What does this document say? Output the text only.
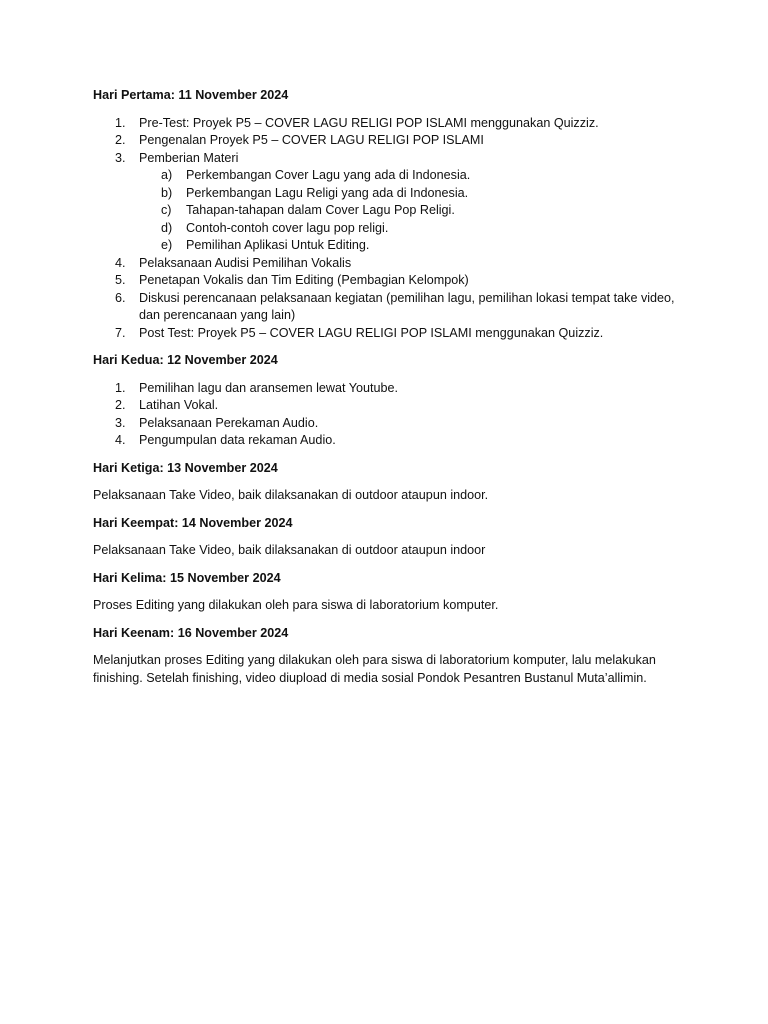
Hari Pertama: 11 November 2024

1. Pre-Test: Proyek P5 – COVER LAGU RELIGI POP ISLAMI menggunakan Quizziz.
2. Pengenalan Proyek P5 – COVER LAGU RELIGI POP ISLAMI
3. Pemberian Materi
a) Perkembangan Cover Lagu yang ada di Indonesia.
b) Perkembangan Lagu Religi yang ada di Indonesia.
c) Tahapan-tahapan dalam Cover Lagu Pop Religi.
d) Contoh-contoh cover lagu pop religi.
e) Pemilihan Aplikasi Untuk Editing.
4. Pelaksanaan Audisi Pemilihan Vokalis
5. Penetapan Vokalis dan Tim Editing (Pembagian Kelompok)
6. Diskusi perencanaan pelaksanaan kegiatan (pemilihan lagu, pemilihan lokasi tempat take video, dan perencanaan yang lain)
7. Post Test: Proyek P5 – COVER LAGU RELIGI POP ISLAMI menggunakan Quizziz.

Hari Kedua: 12 November 2024

1. Pemilihan lagu dan aransemen lewat Youtube.
2. Latihan Vokal.
3. Pelaksanaan Perekaman Audio.
4. Pengumpulan data rekaman Audio.

Hari Ketiga: 13 November 2024

Pelaksanaan Take Video, baik dilaksanakan di outdoor ataupun indoor.

Hari Keempat: 14 November 2024

Pelaksanaan Take Video, baik dilaksanakan di outdoor ataupun indoor

Hari Kelima: 15 November 2024

Proses Editing yang dilakukan oleh para siswa di laboratorium komputer.

Hari Keenam: 16 November 2024

Melanjutkan proses Editing yang dilakukan oleh para siswa di laboratorium komputer, lalu melakukan finishing. Setelah finishing, video diupload di media sosial Pondok Pesantren Bustanul Muta’allimin.
